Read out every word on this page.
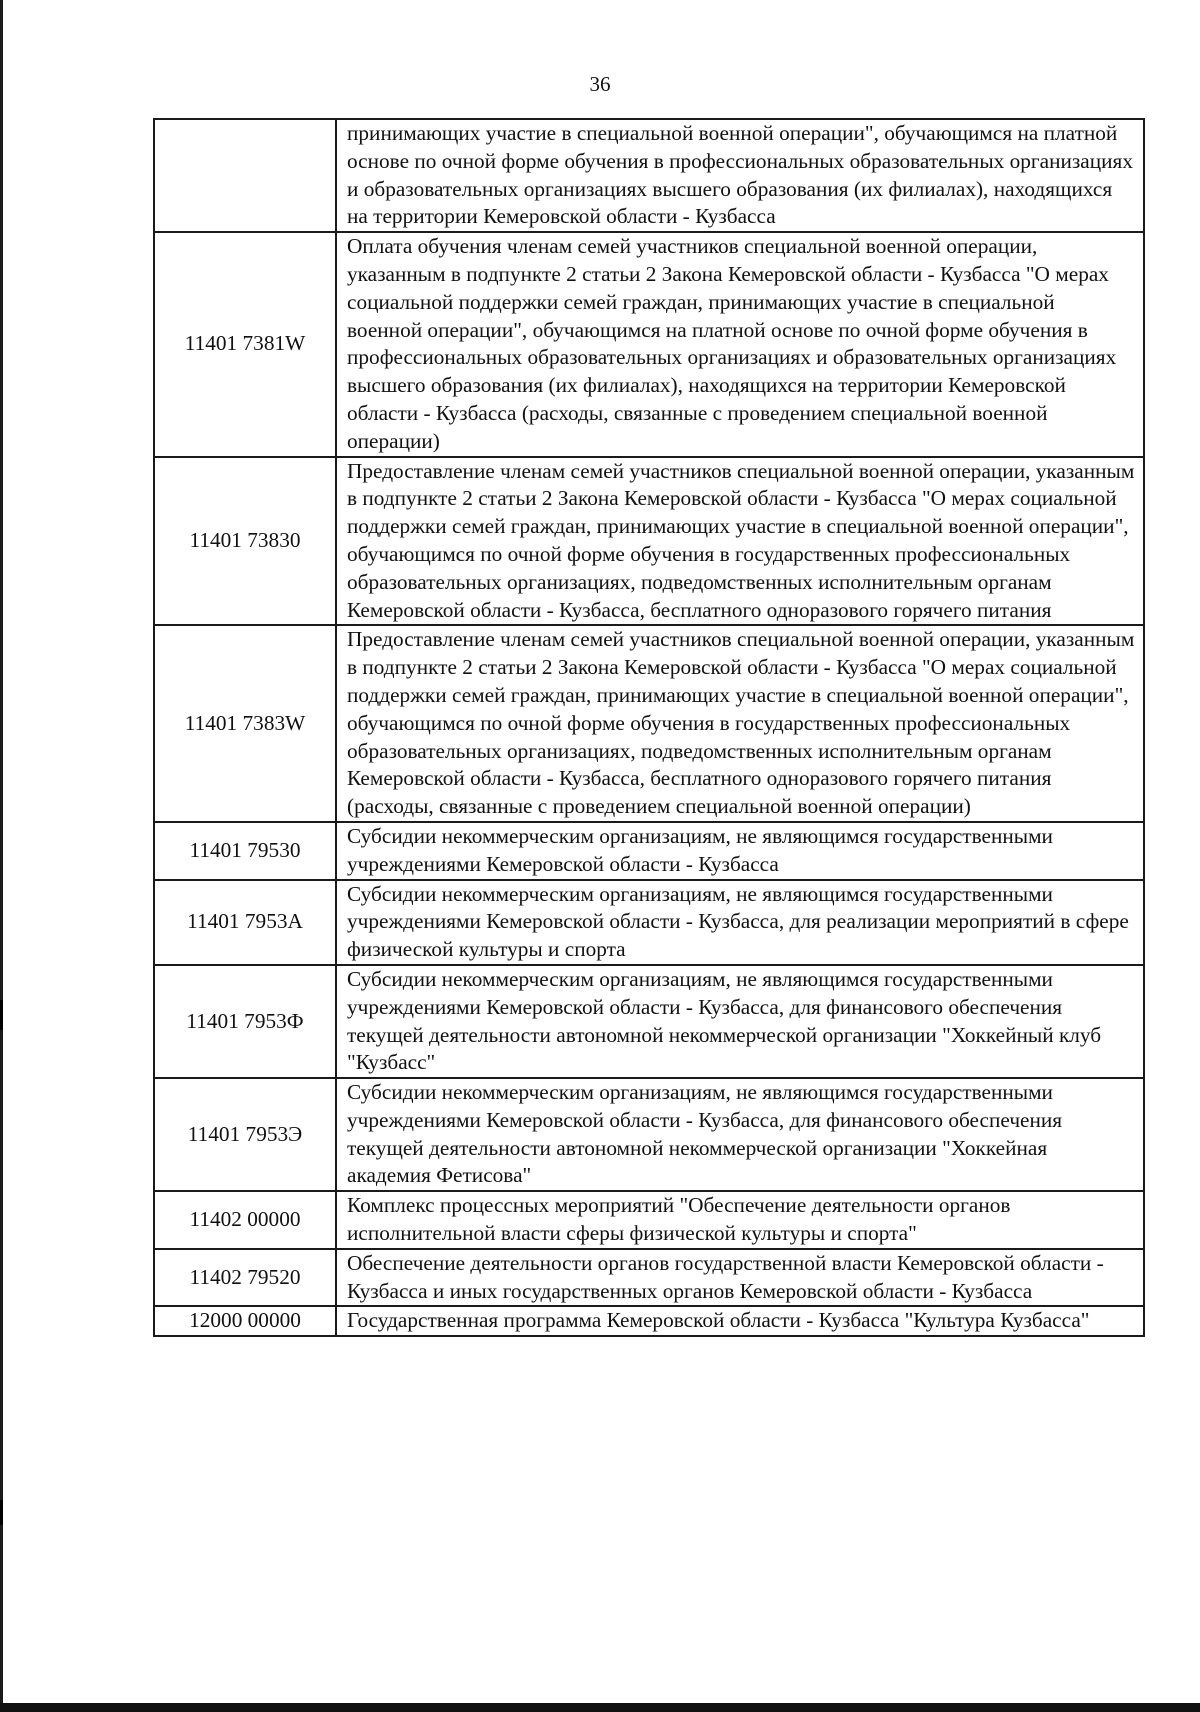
36
	принимающих участие в специальной военной операции", обучающимся на платной основе по очной форме обучения в профессиональных образовательных организациях и образовательных организациях высшего образования (их филиалах), находящихся на территории Кемеровской области - Кузбасса
11401 7381W	Оплата обучения членам семей участников специальной военной операции, указанным в подпункте 2 статьи 2 Закона Кемеровской области - Кузбасса "О мерах социальной поддержки семей граждан, принимающих участие в специальной военной операции", обучающимся на платной основе по очной форме обучения в профессиональных образовательных организациях и образовательных организациях высшего образования (их филиалах), находящихся на территории Кемеровской области - Кузбасса (расходы, связанные с проведением специальной военной операции)
11401 73830	Предоставление членам семей участников специальной военной операции, указанным в подпункте 2 статьи 2 Закона Кемеровской области - Кузбасса "О мерах социальной поддержки семей граждан, принимающих участие в специальной военной операции", обучающимся по очной форме обучения в государственных профессиональных образовательных организациях, подведомственных исполнительным органам Кемеровской области - Кузбасса, бесплатного одноразового горячего питания
11401 7383W	Предоставление членам семей участников специальной военной операции, указанным в подпункте 2 статьи 2 Закона Кемеровской области - Кузбасса "О мерах социальной поддержки семей граждан, принимающих участие в специальной военной операции", обучающимся по очной форме обучения в государственных профессиональных образовательных организациях, подведомственных исполнительным органам Кемеровской области - Кузбасса, бесплатного одноразового горячего питания (расходы, связанные с проведением специальной военной операции)
11401 79530	Субсидии некоммерческим организациям, не являющимся государственными учреждениями Кемеровской области - Кузбасса
11401 7953А	Субсидии некоммерческим организациям, не являющимся государственными учреждениями Кемеровской области - Кузбасса, для реализации мероприятий в сфере физической культуры и спорта
11401 7953Ф	Субсидии некоммерческим организациям, не являющимся государственными учреждениями Кемеровской области - Кузбасса, для финансового обеспечения текущей деятельности автономной некоммерческой организации "Хоккейный клуб "Кузбасс"
11401 7953Э	Субсидии некоммерческим организациям, не являющимся государственными учреждениями Кемеровской области - Кузбасса, для финансового обеспечения текущей деятельности автономной некоммерческой организации "Хоккейная академия Фетисова"
11402 00000	Комплекс процессных мероприятий "Обеспечение деятельности органов исполнительной власти сферы физической культуры и спорта"
11402 79520	Обеспечение деятельности органов государственной власти Кемеровской области - Кузбасса и иных государственных органов Кемеровской области - Кузбасса
12000 00000	Государственная программа Кемеровской области - Кузбасса "Культура Кузбасса"
